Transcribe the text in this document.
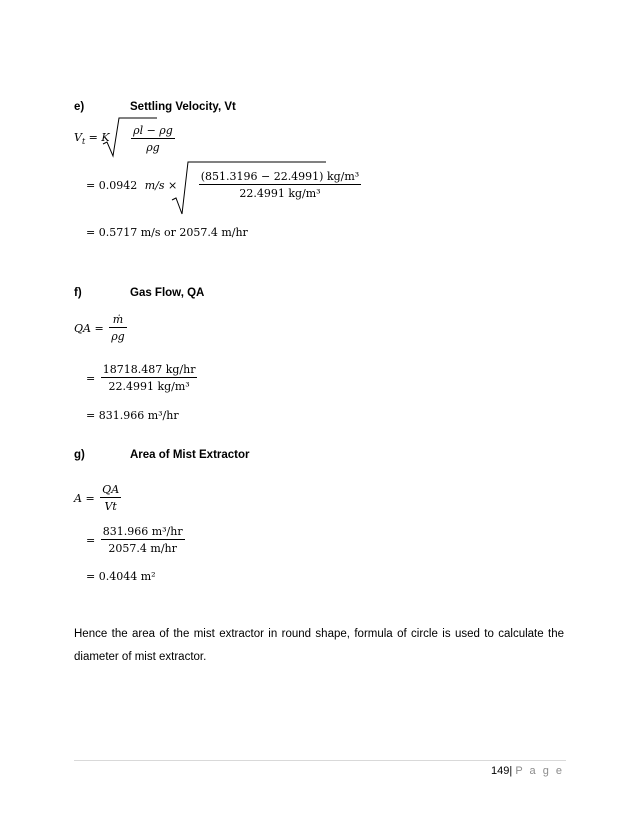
e)	Settling Velocity, Vt
$V_t = K \frac{\rho l - \rho g}{\rho g}$
= 0.0942 $m/s \times \frac{\text{(851.3196 − 22.4991) kg/m³}}{\text{22.4991 kg/m³}}$
= 0.5717 m/s or 2057.4 m/hr
f)	Gas Flow, QA
QA = $\frac{\text{ṁ}}{\rho g}$
= $\frac{18718.487 kg/hr}{\text{22.4991 kg/m³}}$
= 831.966 m³/hr
g)	Area of Mist Extractor
$A = \frac{QA}{Vt}$
= $\frac{\text{831.966 m³/hr}}{2057.4 m/hr}$
= 0.4044 m²
Hence the area of the mist extractor in round shape, formula of circle is used to calculate the diameter of mist extractor.
149| P a g e
